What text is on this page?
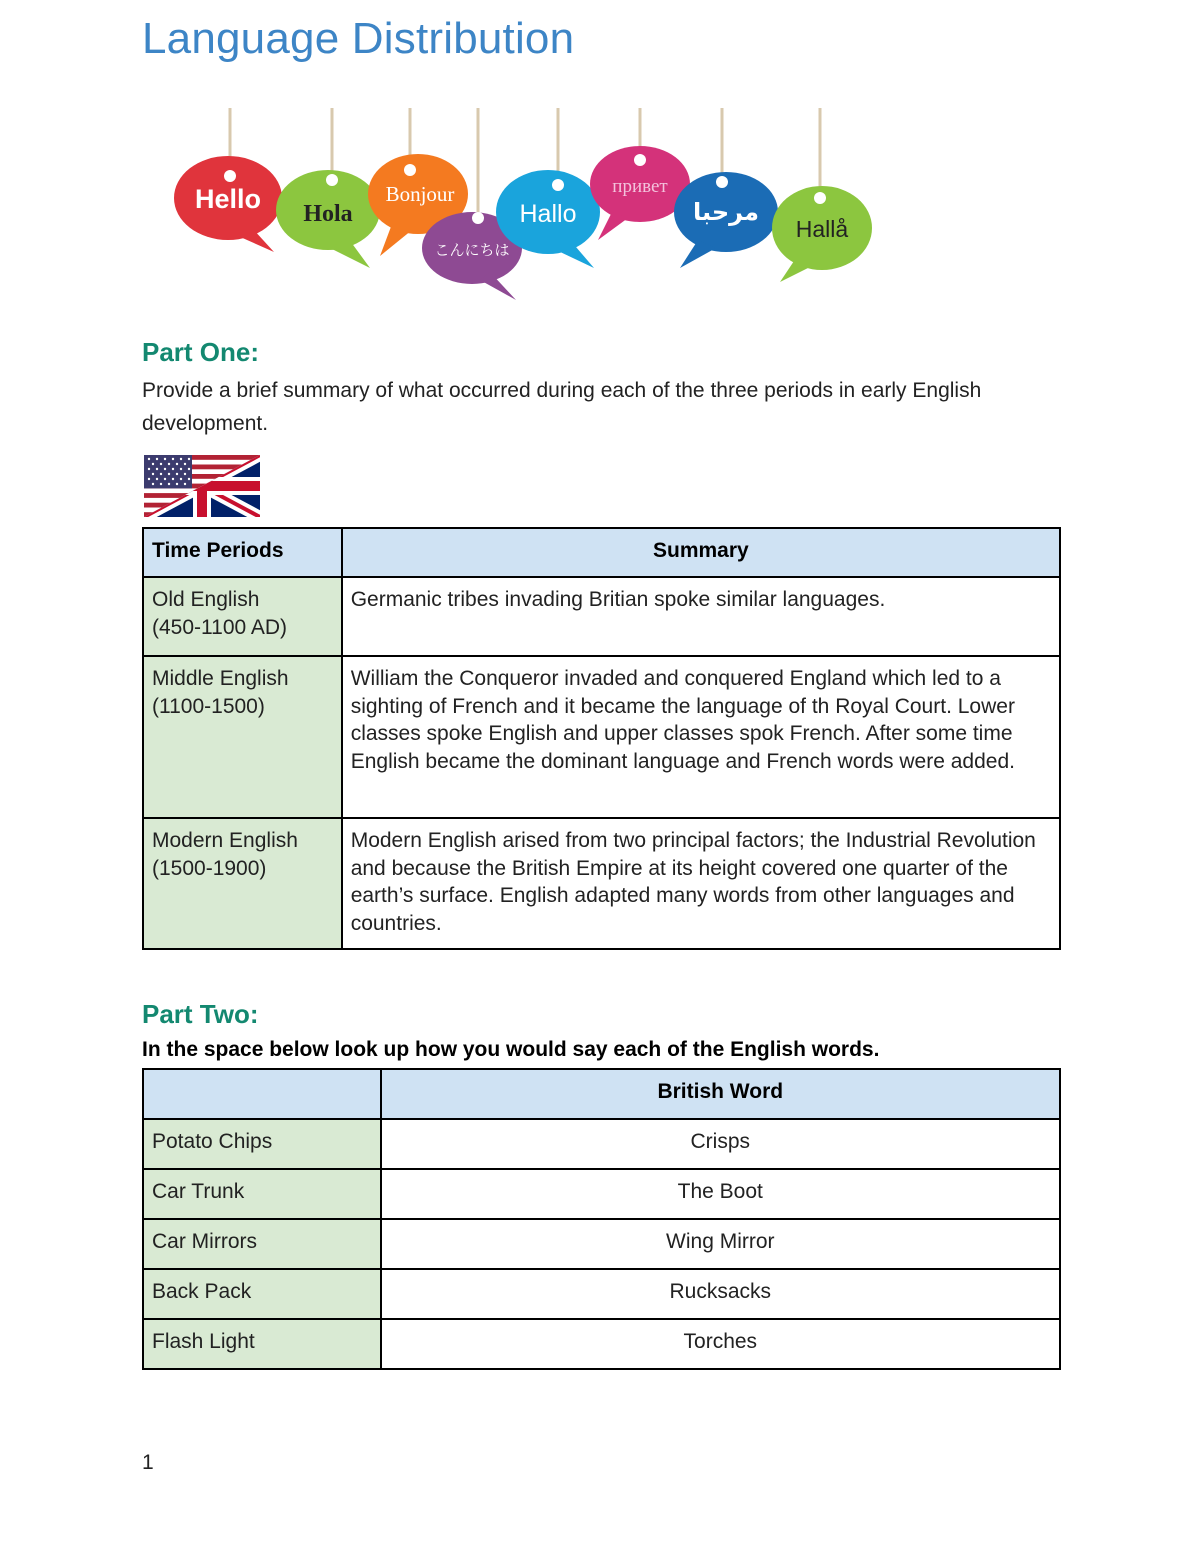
Language Distribution
Hello Hola
Bonjour
こんにちは
Hallo
привет
مرحبا
Hallå
Part One:
Provide a brief summary of what occurred during each of the three periods in early English development.
Time Periods	Summary
Old English
(450-1100 AD)	Germanic tribes invading Britian spoke similar languages.
Middle English
(1100-1500)	William the Conqueror invaded and conquered England which led to a sighting of French and it became the language of th Royal Court. Lower classes spoke English and upper classes spok French. After some time English became the dominant language and French words were added.
Modern English
(1500-1900)	Modern English arised from two principal factors; the Industrial Revolution and because the British Empire at its height covered one quarter of the earth’s surface. English adapted many words from other languages and countries.
Part Two:
In the space below look up how you would say each of the English words.
	British Word
Potato Chips	Crisps
Car Trunk	The Boot
Car Mirrors	Wing Mirror
Back Pack	Rucksacks
Flash Light	Torches
1
